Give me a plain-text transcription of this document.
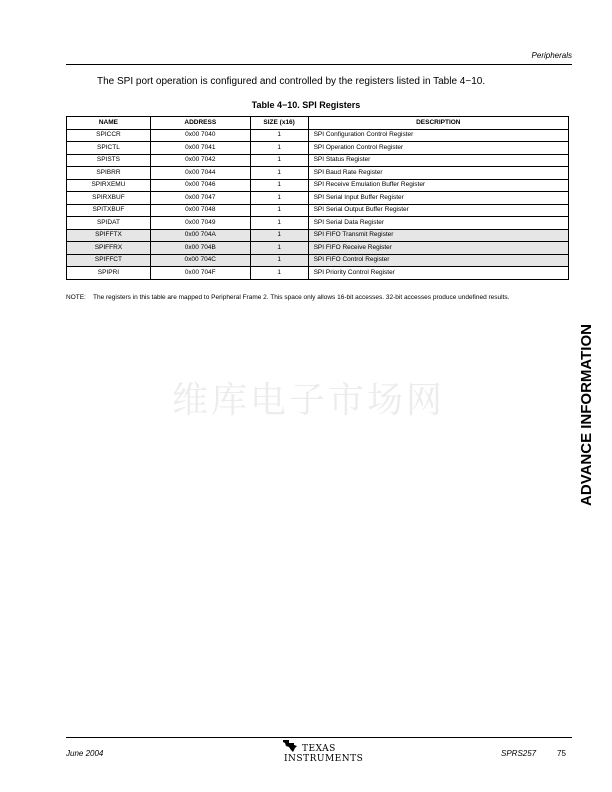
Peripherals
The SPI port operation is configured and controlled by the registers listed in Table 4−10.
Table 4−10. SPI Registers
NAME	ADDRESS	SIZE (x16)	DESCRIPTION
SPICCR	0x00 7040	1	SPI Configuration Control Register
SPICTL	0x00 7041	1	SPI Operation Control Register
SPISTS	0x00 7042	1	SPI Status Register
SPIBRR	0x00 7044	1	SPI Baud Rate Register
SPIRXEMU	0x00 7046	1	SPI Receive Emulation Buffer Register
SPIRXBUF	0x00 7047	1	SPI Serial Input Buffer Register
SPITXBUF	0x00 7048	1	SPI Serial Output Buffer Register
SPIDAT	0x00 7049	1	SPI Serial Data Register
SPIFFTX	0x00 704A	1	SPI FIFO Transmit Register
SPIFFRX	0x00 704B	1	SPI FIFO Receive Register
SPIFFCT	0x00 704C	1	SPI FIFO Control Register
SPIPRI	0x00 704F	1	SPI Priority Control Register
NOTE: The registers in this table are mapped to Peripheral Frame 2. This space only allows 16-bit accesses. 32-bit accesses produce undefined results.
维库电子市场网	ADVANCE INFORMATION
June 2004	TEXAS
INSTRUMENTS
SPRS257	75
